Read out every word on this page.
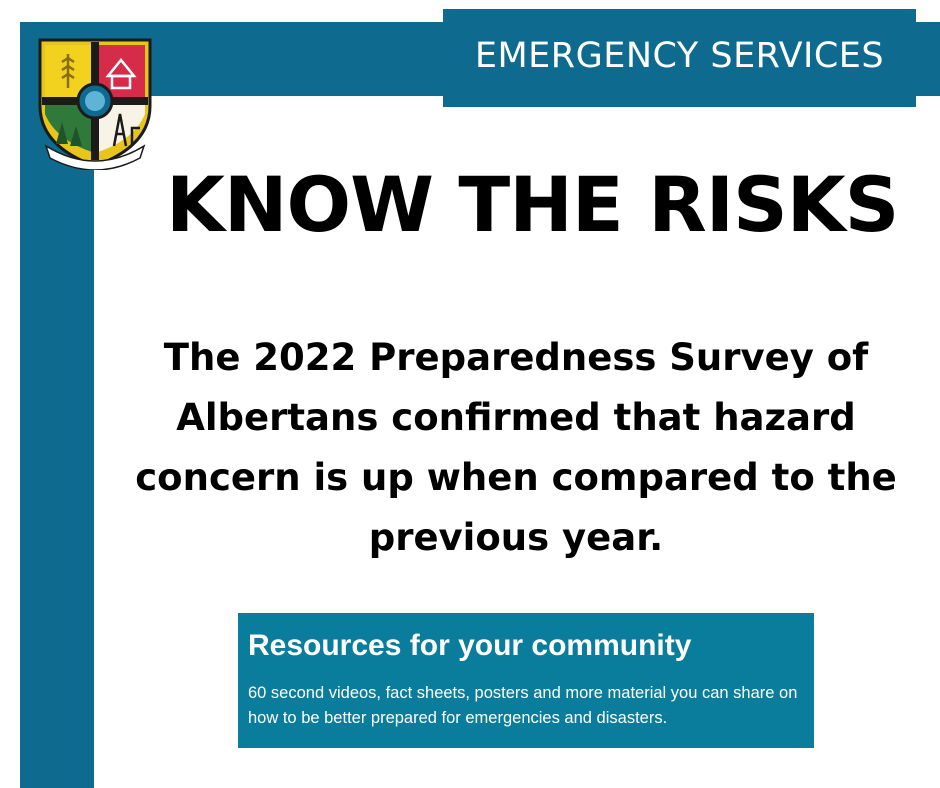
EMERGENCY SERVICES
KNOW THE RISKS
The 2022 Preparedness Survey of
Albertans confirmed that hazard
concern is up when compared to the
previous year.
Resources for your community
60 second videos, fact sheets, posters and more material you can share on
how to be better prepared for emergencies and disasters.
